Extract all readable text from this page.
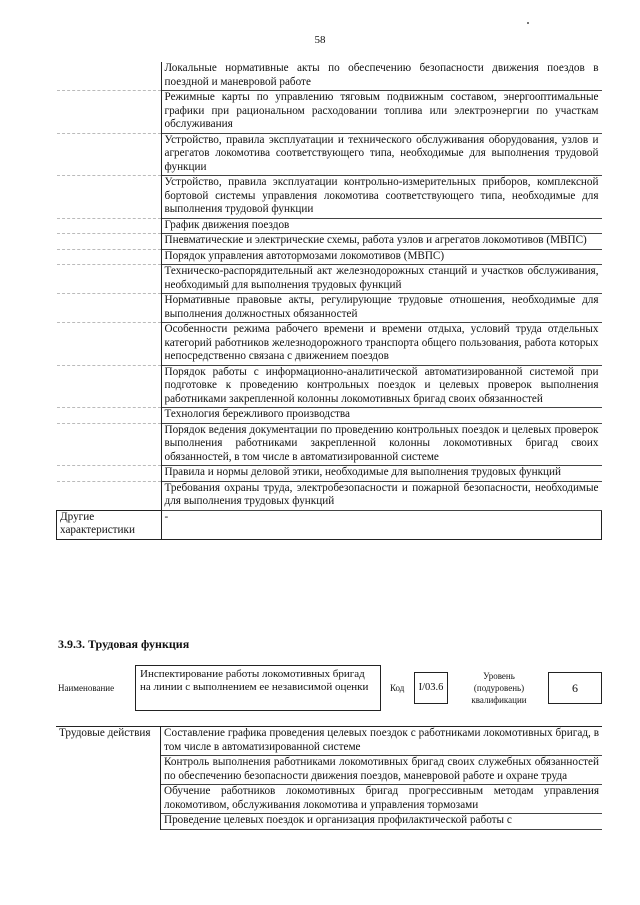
58
	Локальные нормативные акты по обеспечению безопасности движения поездов в поездной и маневровой работе
	Режимные карты по управлению тяговым подвижным составом, энергооптимальные графики при рациональном расходовании топлива или электроэнергии по участкам обслуживания
	Устройство, правила эксплуатации и технического обслуживания оборудования, узлов и агрегатов локомотива соответствующего типа, необходимые для выполнения трудовой функции
	Устройство, правила эксплуатации контрольно-измерительных приборов, комплексной бортовой системы управления локомотива соответствующего типа, необходимые для выполнения трудовой функции
	График движения поездов
	Пневматические и электрические схемы, работа узлов и агрегатов локомотивов (МВПС)
	Порядок управления автотормозами локомотивов (МВПС)
	Техническо-распорядительный акт железнодорожных станций и участков обслуживания, необходимый для выполнения трудовых функций
	Нормативные правовые акты, регулирующие трудовые отношения, необходимые для выполнения должностных обязанностей
	Особенности режима рабочего времени и времени отдыха, условий труда отдельных категорий работников железнодорожного транспорта общего пользования, работа которых непосредственно связана с движением поездов
	Порядок работы с информационно-аналитической автоматизированной системой при подготовке к проведению контрольных поездок и целевых проверок выполнения работниками закрепленной колонны локомотивных бригад своих обязанностей
	Технология бережливого производства
	Порядок ведения документации по проведению контрольных поездок и целевых проверок выполнения работниками закрепленной колонны локомотивных бригад своих обязанностей, в том числе в автоматизированной системе
	Правила и нормы деловой этики, необходимые для выполнения трудовых функций
	Требования охраны труда, электробезопасности и пожарной безопасности, необходимые для выполнения трудовых функций
Другие характеристики	-
3.9.3. Трудовая функция
Наименование
Инспектирование работы локомотивных бригад на линии с выполнением ее независимой оценки	Код	I/03.6
Уровень (подуровень) квалификации
6
Трудовые действия	Составление графика проведения целевых поездок с работниками локомотивных бригад, в том числе в автоматизированной системе
Контроль выполнения работниками локомотивных бригад своих служебных обязанностей по обеспечению безопасности движения поездов, маневровой работе и охране труда
Обучение работников локомотивных бригад прогрессивным методам управления локомотивом, обслуживания локомотива и управления тормозами
Проведение целевых поездок и организация профилактической работы с
